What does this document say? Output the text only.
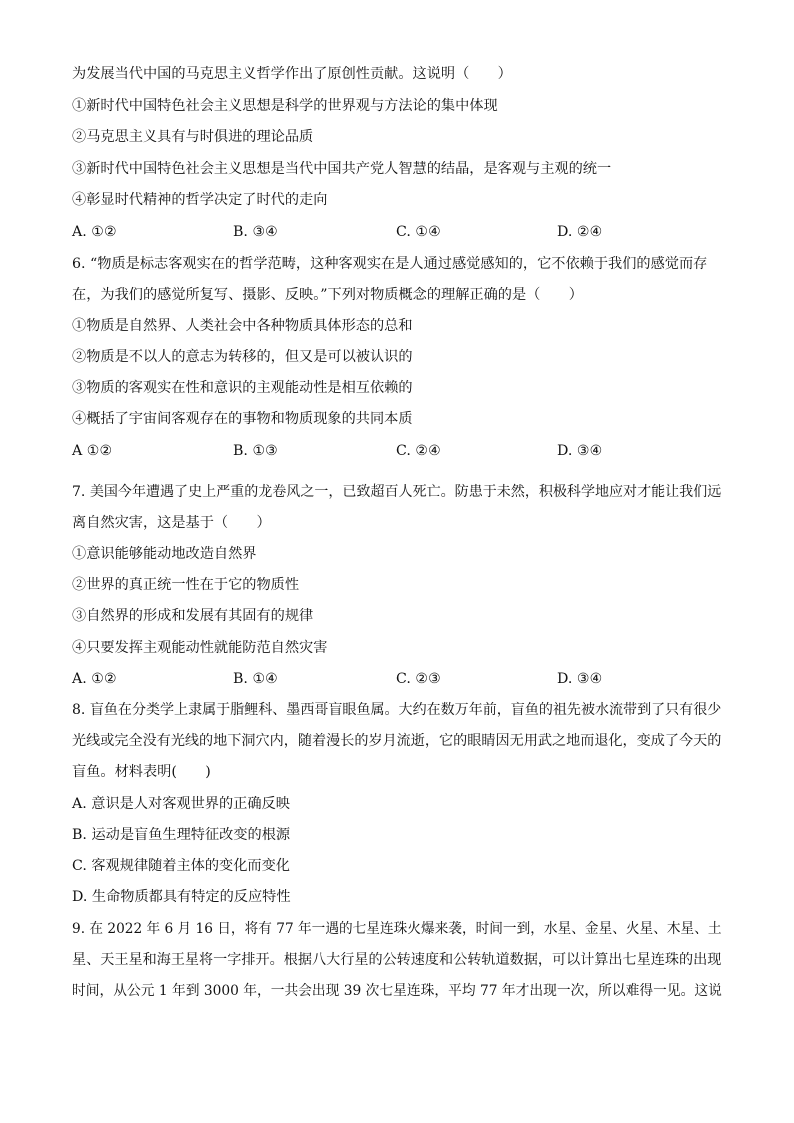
为发展当代中国的马克思主义哲学作出了原创性贡献。这说明（　　）
①新时代中国特色社会主义思想是科学的世界观与方法论的集中体现
②马克思主义具有与时俱进的理论品质
③新时代中国特色社会主义思想是当代中国共产党人智慧的结晶，是客观与主观的统一
④彰显时代精神的哲学决定了时代的走向
A. ①②	B. ③④	C. ①④	D. ②④
6. “物质是标志客观实在的哲学范畴，这种客观实在是人通过感觉感知的，它不依赖于我们的感觉而存
在，为我们的感觉所复写、摄影、反映。”下列对物质概念的理解正确的是（　　）
①物质是自然界、人类社会中各种物质具体形态的总和
②物质是不以人的意志为转移的，但又是可以被认识的
③物质的客观实在性和意识的主观能动性是相互依赖的
④概括了宇宙间客观存在的事物和物质现象的共同本质
A ①②	B. ①③	C. ②④	D. ③④
7. 美国今年遭遇了史上严重的龙卷风之一，已致超百人死亡。防患于未然，积极科学地应对才能让我们远
离自然灾害，这是基于（　　）
①意识能够能动地改造自然界
②世界的真正统一性在于它的物质性
③自然界的形成和发展有其固有的规律
④只要发挥主观能动性就能防范自然灾害
A. ①②	B. ①④	C. ②③	D. ③④
8. 盲鱼在分类学上隶属于脂鲤科、墨西哥盲眼鱼属。大约在数万年前，盲鱼的祖先被水流带到了只有很少
光线或完全没有光线的地下洞穴内，随着漫长的岁月流逝，它的眼睛因无用武之地而退化，变成了今天的
盲鱼。材料表明(　　)
A. 意识是人对客观世界的正确反映
B. 运动是盲鱼生理特征改变的根源
C. 客观规律随着主体的变化而变化
D. 生命物质都具有特定的反应特性
9. 在 2022 年 6 月 16 日，将有 77 年一遇的七星连珠火爆来袭，时间一到，水星、金星、火星、木星、土
星、天王星和海王星将一字排开。根据八大行星的公转速度和公转轨道数据，可以计算出七星连珠的出现
时间，从公元 1 年到 3000 年，一共会出现 39 次七星连珠，平均 77 年才出现一次，所以难得一见。这说
